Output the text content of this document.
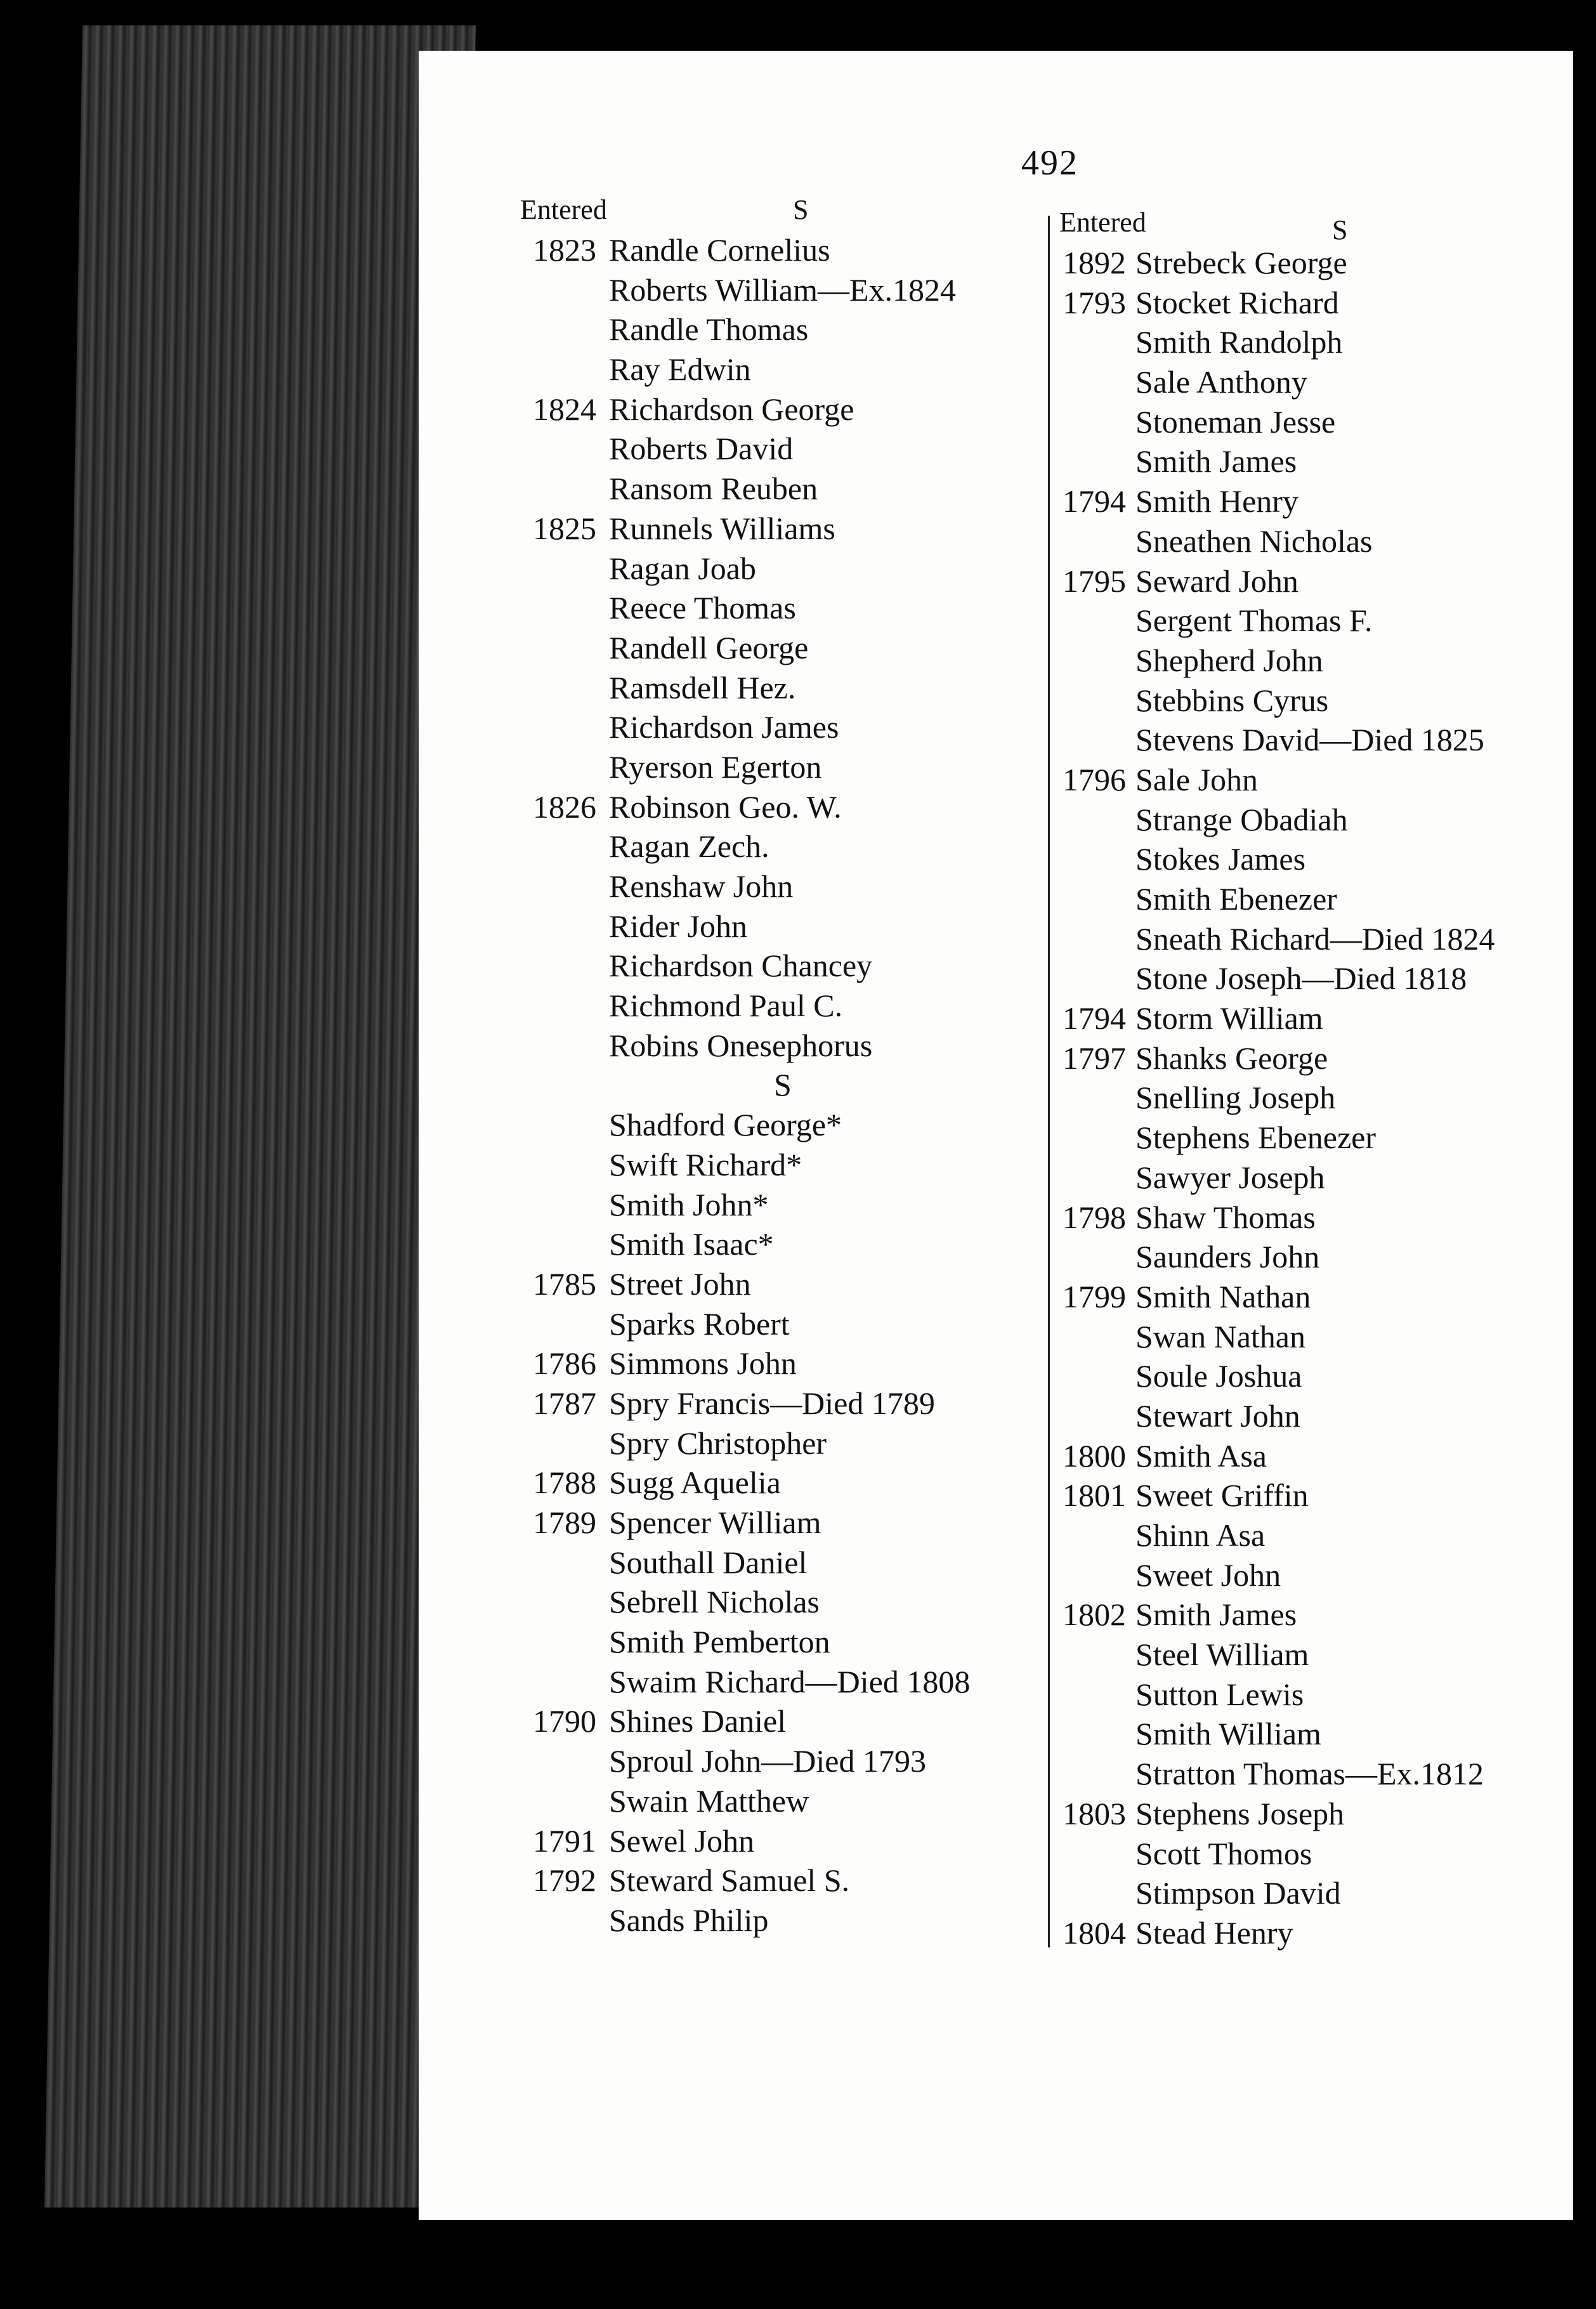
492
Entered	S
1823 Randle Cornelius
Roberts William—Ex.1824
Randle Thomas
Ray Edwin
1824 Richardson George
Roberts David
Ransom Reuben
1825 Runnels Williams
Ragan Joab
Reece Thomas
Randell George
Ramsdell Hez.
Richardson James
Ryerson Egerton
1826 Robinson Geo. W.
Ragan Zech.
Renshaw John
Rider John
Richardson Chancey
Richmond Paul C.
Robins Onesephorus
S
Shadford George*
Swift Richard*
Smith John*
Smith Isaac*
1785 Street John
Sparks Robert
1786 Simmons John
1787 Spry Francis—Died 1789
Spry Christopher
1788 Sugg Aquelia
1789 Spencer William
Southall Daniel
Sebrell Nicholas
Smith Pemberton
Swaim Richard—Died 1808
1790 Shines Daniel
Sproul John—Died 1793
Swain Matthew
1791 Sewel John
1792 Steward Samuel S.
Sands Philip
Entered	S
1892 Strebeck George
1793 Stocket Richard
Smith Randolph
Sale Anthony
Stoneman Jesse
Smith James
1794 Smith Henry
Sneathen Nicholas
1795 Seward John
Sergent Thomas F.
Shepherd John
Stebbins Cyrus
Stevens David—Died 1825
1796 Sale John
Strange Obadiah
Stokes James
Smith Ebenezer
Sneath Richard—Died 1824
Stone Joseph—Died 1818
1794 Storm William
1797 Shanks George
Snelling Joseph
Stephens Ebenezer
Sawyer Joseph
1798 Shaw Thomas
Saunders John
1799 Smith Nathan
Swan Nathan
Soule Joshua
Stewart John
1800 Smith Asa
1801 Sweet Griffin
Shinn Asa
Sweet John
1802 Smith James
Steel William
Sutton Lewis
Smith William
Stratton Thomas—Ex.1812
1803 Stephens Joseph
Scott Thomos
Stimpson David
1804 Stead Henry
